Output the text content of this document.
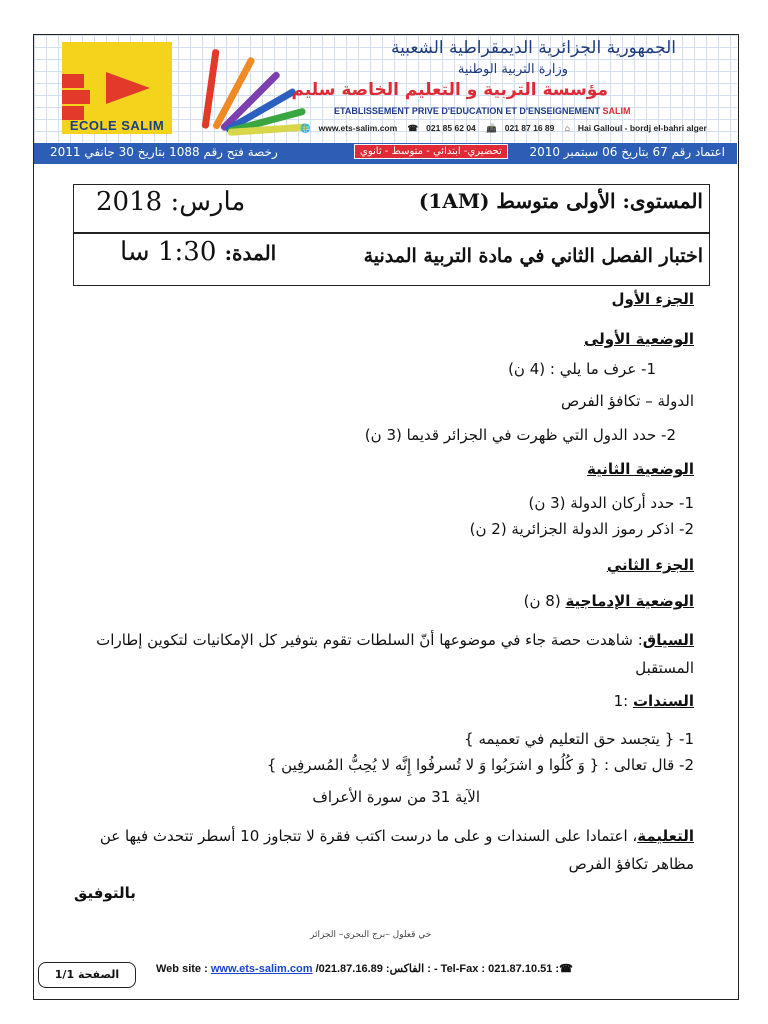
ECOLE SALIM
الجمهورية الجزائرية الديمقراطية الشعبية
وزارة التربية الوطنية
مؤسسة التربية و التعليم الخاصة سليم
ETABLISSEMENT PRIVE D'EDUCATION ET D'ENSEIGNEMENT SALIM
🌐 www.ets-salim.com ☎ 021 85 62 04 📠 021 87 16 89 ⌂ Hai Galloul - bordj el-bahri alger
اعتماد رقم 67 بتاريخ 06 سبتمبر 2010
تحضيري- ابتدائي - متوسط - ثانوي
رخصة فتح رقم 1088 بتاريخ 30 جانفي 2011
المستوى: الأولى متوسط (1AM)
مارس: 2018
اختبار الفصل الثاني في مادة التربية المدنية
المدة: 1:30 سا
الجزء الأول
الوضعية الأولى
1- عرف ما يلي : (4 ن)
الدولة – تكافؤ الفرص
2- حدد الدول التي ظهرت في الجزائر قديما (3 ن)
الوضعية الثانية
1- حدد أركان الدولة (3 ن)
2- اذكر رموز الدولة الجزائرية (2 ن)
الجزء الثاني
الوضعية الإدماجية (8 ن)
السياق: شاهدت حصة جاء في موضوعها أنّ السلطات تقوم بتوفير كل الإمكانيات لتكوين إطارات المستقبل
السندات :1
1- { يتجسد حق التعليم في تعميمه }
2- قال تعالى : { وَ كُلُوا و اشرَبُوا وَ لا تُسرفُوا إِنَّه لا يُحِبُّ المُسرفِين }
الآية 31 من سورة الأعراف
التعليمة، اعتمادا على السندات و على ما درست اكتب فقرة لا تتجاوز 10 أسطر تتحدث فيها عن مظاهر تكافؤ الفرص
بالتوفيق
حي قعلول –برج البحري– الجزائر
الصفحة 1/1	Web site : www.ets-salim.com /021.87.16.89 :الفاكس : - Tel-Fax : 021.87.10.51 :☎
